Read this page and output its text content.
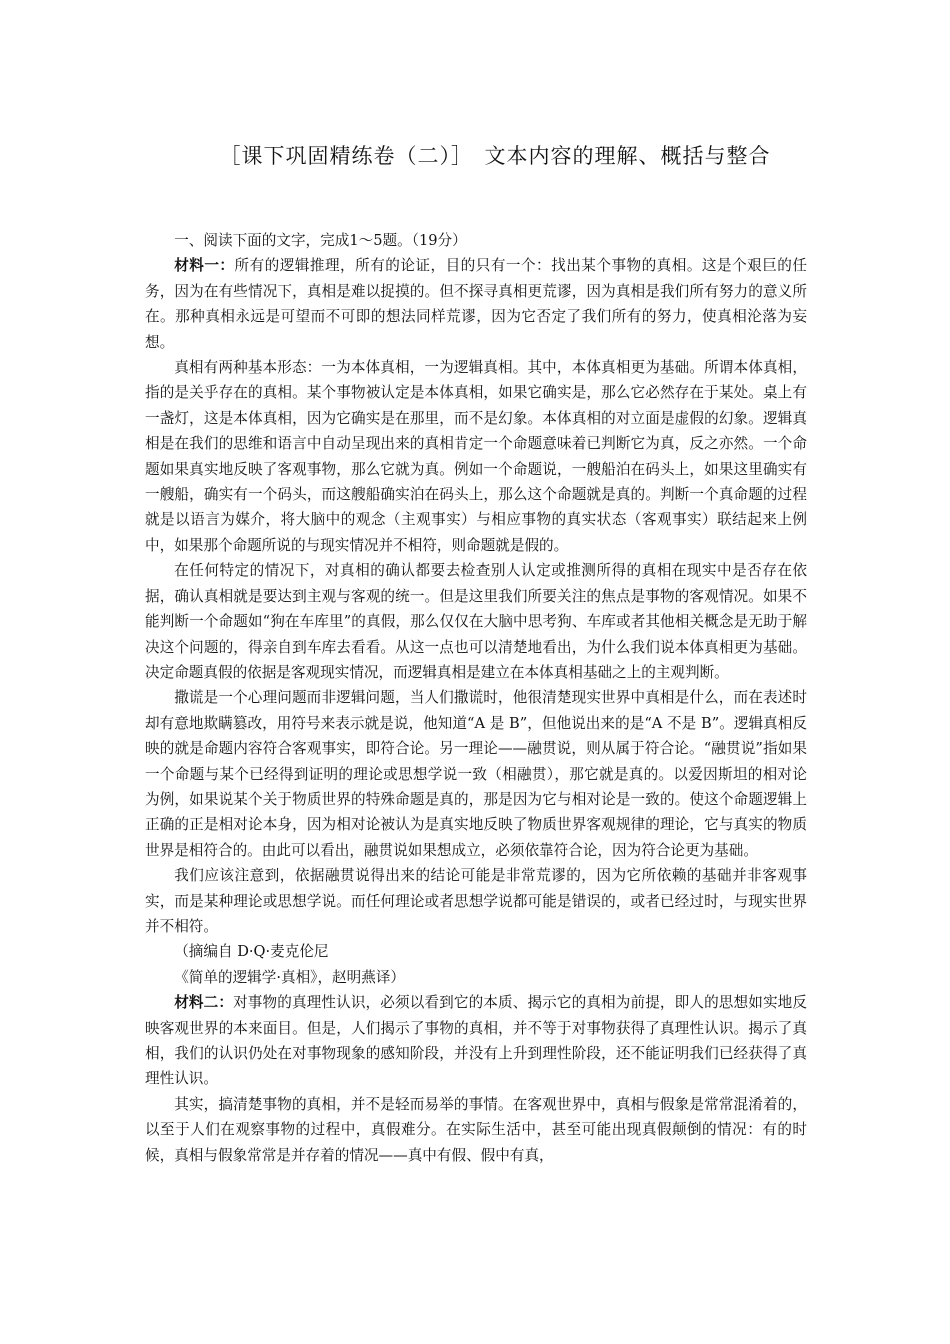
［课下巩固精练卷（二）］　文本内容的理解、概括与整合

一、阅读下面的文字，完成1～5题。（19分）

材料一：所有的逻辑推理，所有的论证，目的只有一个：找出某个事物的真相。这是个艰巨的任务，因为在有些情况下，真相是难以捉摸的。但不探寻真相更荒谬，因为真相是我们所有努力的意义所在。那种真相永远是可望而不可即的想法同样荒谬，因为它否定了我们所有的努力，使真相沦落为妄想。

真相有两种基本形态：一为本体真相，一为逻辑真相。其中，本体真相更为基础。所谓本体真相，指的是关乎存在的真相。某个事物被认定是本体真相，如果它确实是，那么它必然存在于某处。桌上有一盏灯，这是本体真相，因为它确实是在那里，而不是幻象。本体真相的对立面是虚假的幻象。逻辑真相是在我们的思维和语言中自动呈现出来的真相肯定一个命题意味着已判断它为真，反之亦然。一个命题如果真实地反映了客观事物，那么它就为真。例如一个命题说，一艘船泊在码头上，如果这里确实有一艘船，确实有一个码头，而这艘船确实泊在码头上，那么这个命题就是真的。判断一个真命题的过程就是以语言为媒介，将大脑中的观念（主观事实）与相应事物的真实状态（客观事实）联结起来上例中，如果那个命题所说的与现实情况并不相符，则命题就是假的。

在任何特定的情况下，对真相的确认都要去检查别人认定或推测所得的真相在现实中是否存在依据，确认真相就是要达到主观与客观的统一。但是这里我们所要关注的焦点是事物的客观情况。如果不能判断一个命题如“狗在车库里”的真假，那么仅仅在大脑中思考狗、车库或者其他相关概念是无助于解决这个问题的，得亲自到车库去看看。从这一点也可以清楚地看出，为什么我们说本体真相更为基础。决定命题真假的依据是客观现实情况，而逻辑真相是建立在本体真相基础之上的主观判断。

撒谎是一个心理问题而非逻辑问题，当人们撒谎时，他很清楚现实世界中真相是什么，而在表述时却有意地欺瞒篡改，用符号来表示就是说，他知道“A 是 B”，但他说出来的是“A 不是 B”。逻辑真相反映的就是命题内容符合客观事实，即符合论。另一理论——融贯说，则从属于符合论。“融贯说”指如果一个命题与某个已经得到证明的理论或思想学说一致（相融贯），那它就是真的。以爱因斯坦的相对论为例，如果说某个关于物质世界的特殊命题是真的，那是因为它与相对论是一致的。使这个命题逻辑上正确的正是相对论本身，因为相对论被认为是真实地反映了物质世界客观规律的理论，它与真实的物质世界是相符合的。由此可以看出，融贯说如果想成立，必须依靠符合论，因为符合论更为基础。

我们应该注意到，依据融贯说得出来的结论可能是非常荒谬的，因为它所依赖的基础并非客观事实，而是某种理论或思想学说。而任何理论或者思想学说都可能是错误的，或者已经过时，与现实世界并不相符。

（摘编自 D·Q·麦克伦尼

《简单的逻辑学·真相》，赵明燕译）

材料二：对事物的真理性认识，必须以看到它的本质、揭示它的真相为前提，即人的思想如实地反映客观世界的本来面目。但是，人们揭示了事物的真相，并不等于对事物获得了真理性认识。揭示了真相，我们的认识仍处在对事物现象的感知阶段，并没有上升到理性阶段，还不能证明我们已经获得了真理性认识。

其实，搞清楚事物的真相，并不是轻而易举的事情。在客观世界中，真相与假象是常常混淆着的，以至于人们在观察事物的过程中，真假难分。在实际生活中，甚至可能出现真假颠倒的情况：有的时候，真相与假象常常是并存着的情况——真中有假、假中有真，
